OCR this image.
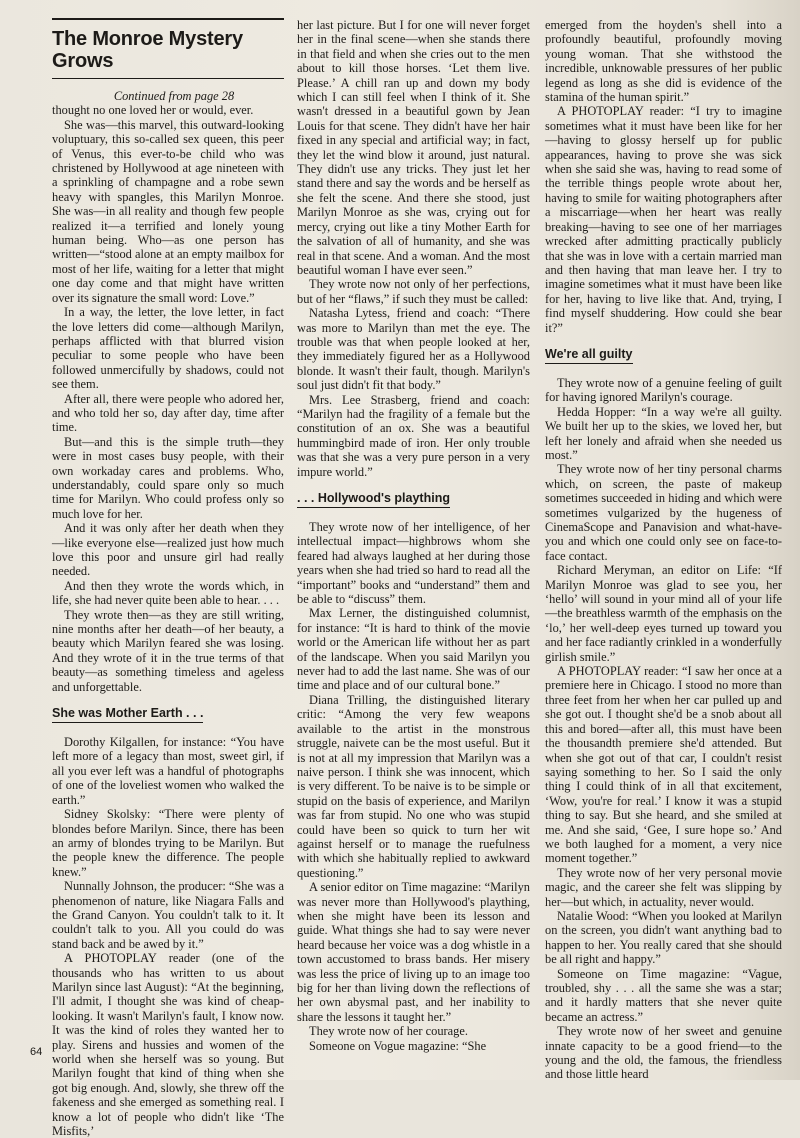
The Monroe Mystery Grows

Continued from page 28

thought no one loved her or would, ever.

She was—this marvel, this outward-looking voluptuary, this so-called sex queen, this peer of Venus, this ever-to-be child who was christened by Hollywood at age nineteen with a sprinkling of champagne and a robe sewn heavy with spangles, this Marilyn Monroe. She was—in all reality and though few people realized it—a terrified and lonely young human being. Who—as one person has written—“stood alone at an empty mailbox for most of her life, waiting for a letter that might one day come and that might have written over its signature the small word: Love.”

In a way, the letter, the love letter, in fact the love letters did come—although Marilyn, perhaps afflicted with that blurred vision peculiar to some people who have been followed unmercifully by shadows, could not see them.

After all, there were people who adored her, and who told her so, day after day, time after time.

But—and this is the simple truth—they were in most cases busy people, with their own workaday cares and problems. Who, understandably, could spare only so much time for Marilyn. Who could profess only so much love for her.

And it was only after her death when they—like everyone else—realized just how much love this poor and unsure girl had really needed.

And then they wrote the words which, in life, she had never quite been able to hear. . . .

They wrote then—as they are still writing, nine months after her death—of her beauty, a beauty which Marilyn feared she was losing. And they wrote of it in the true terms of that beauty—as something timeless and ageless and unforgettable.

She was Mother Earth . . .

Dorothy Kilgallen, for instance: “You have left more of a legacy than most, sweet girl, if all you ever left was a handful of photographs of one of the loveliest women who walked the earth.”

Sidney Skolsky: “There were plenty of blondes before Marilyn. Since, there has been an army of blondes trying to be Marilyn. But the people knew the difference. The people knew.”

Nunnally Johnson, the producer: “She was a phenomenon of nature, like Niagara Falls and the Grand Canyon. You couldn't talk to it. It couldn't talk to you. All you could do was stand back and be awed by it.”

A PHOTOPLAY reader (one of the thousands who has written to us about Marilyn since last August): “At the beginning, I'll admit, I thought she was kind of cheap-looking. It wasn't Marilyn's fault, I know now. It was the kind of roles they wanted her to play. Sirens and hussies and women of the world when she herself was so young. But Marilyn fought that kind of thing when she got big enough. And, slowly, she threw off the fakeness and she emerged as something real. I know a lot of people who didn't like ‘The Misfits,’

her last picture. But I for one will never forget her in the final scene—when she stands there in that field and when she cries out to the men about to kill those horses. ‘Let them live. Please.’ A chill ran up and down my body which I can still feel when I think of it. She wasn't dressed in a beautiful gown by Jean Louis for that scene. They didn't have her hair fixed in any special and artificial way; in fact, they let the wind blow it around, just natural. They didn't use any tricks. They just let her stand there and say the words and be herself as she felt the scene. And there she stood, just Marilyn Monroe as she was, crying out for mercy, crying out like a tiny Mother Earth for the salvation of all of humanity, and she was real in that scene. And a woman. And the most beautiful woman I have ever seen.”

They wrote now not only of her perfections, but of her “flaws,” if such they must be called:

Natasha Lytess, friend and coach: “There was more to Marilyn than met the eye. The trouble was that when people looked at her, they immediately figured her as a Hollywood blonde. It wasn't their fault, though. Marilyn's soul just didn't fit that body.”

Mrs. Lee Strasberg, friend and coach: “Marilyn had the fragility of a female but the constitution of an ox. She was a beautiful hummingbird made of iron. Her only trouble was that she was a very pure person in a very impure world.”

. . . Hollywood's plaything

They wrote now of her intelligence, of her intellectual impact—highbrows whom she feared had always laughed at her during those years when she had tried so hard to read all the “important” books and “understand” them and be able to “discuss” them.

Max Lerner, the distinguished columnist, for instance: “It is hard to think of the movie world or the American life without her as part of the landscape. When you said Marilyn you never had to add the last name. She was of our time and place and of our cultural bone.”

Diana Trilling, the distinguished literary critic: “Among the very few weapons available to the artist in the monstrous struggle, naivete can be the most useful. But it is not at all my impression that Marilyn was a naive person. I think she was innocent, which is very different. To be naive is to be simple or stupid on the basis of experience, and Marilyn was far from stupid. No one who was stupid could have been so quick to turn her wit against herself or to manage the ruefulness with which she habitually replied to awkward questioning.”

A senior editor on Time magazine: “Marilyn was never more than Hollywood's plaything, when she might have been its lesson and guide. What things she had to say were never heard because her voice was a dog whistle in a town accustomed to brass bands. Her misery was less the price of living up to an image too big for her than living down the reflections of her own abysmal past, and her inability to share the lessons it taught her.”

They wrote now of her courage.

Someone on Vogue magazine: “She

emerged from the hoyden's shell into a profoundly beautiful, profoundly moving young woman. That she withstood the incredible, unknowable pressures of her public legend as long as she did is evidence of the stamina of the human spirit.”

A PHOTOPLAY reader: “I try to imagine sometimes what it must have been like for her—having to glossy herself up for public appearances, having to prove she was sick when she said she was, having to read some of the terrible things people wrote about her, having to smile for waiting photographers after a miscarriage—when her heart was really breaking—having to see one of her marriages wrecked after admitting practically publicly that she was in love with a certain married man and then having that man leave her. I try to imagine sometimes what it must have been like for her, having to live like that. And, trying, I find myself shuddering. How could she bear it?”

We're all guilty

They wrote now of a genuine feeling of guilt for having ignored Marilyn's courage.

Hedda Hopper: “In a way we're all guilty. We built her up to the skies, we loved her, but left her lonely and afraid when she needed us most.”

They wrote now of her tiny personal charms which, on screen, the paste of makeup sometimes succeeded in hiding and which were sometimes vulgarized by the hugeness of CinemaScope and Panavision and what-have-you and which one could only see on face-to-face contact.

Richard Meryman, an editor on Life: “If Marilyn Monroe was glad to see you, her ‘hello’ will sound in your mind all of your life—the breathless warmth of the emphasis on the ‘lo,’ her well-deep eyes turned up toward you and her face radiantly crinkled in a wonderfully girlish smile.”

A PHOTOPLAY reader: “I saw her once at a premiere here in Chicago. I stood no more than three feet from her when her car pulled up and she got out. I thought she'd be a snob about all this and bored—after all, this must have been the thousandth premiere she'd attended. But when she got out of that car, I couldn't resist saying something to her. So I said the only thing I could think of in all that excitement, ‘Wow, you're for real.’ I know it was a stupid thing to say. But she heard, and she smiled at me. And she said, ‘Gee, I sure hope so.’ And we both laughed for a moment, a very nice moment together.”

They wrote now of her very personal movie magic, and the career she felt was slipping by her—but which, in actuality, never would.

Natalie Wood: “When you looked at Marilyn on the screen, you didn't want anything bad to happen to her. You really cared that she should be all right and happy.”

Someone on Time magazine: “Vague, troubled, shy . . . all the same she was a star; and it hardly matters that she never quite became an actress.”

They wrote now of her sweet and genuine innate capacity to be a good friend—to the young and the old, the famous, the friendless and those little heard

64
